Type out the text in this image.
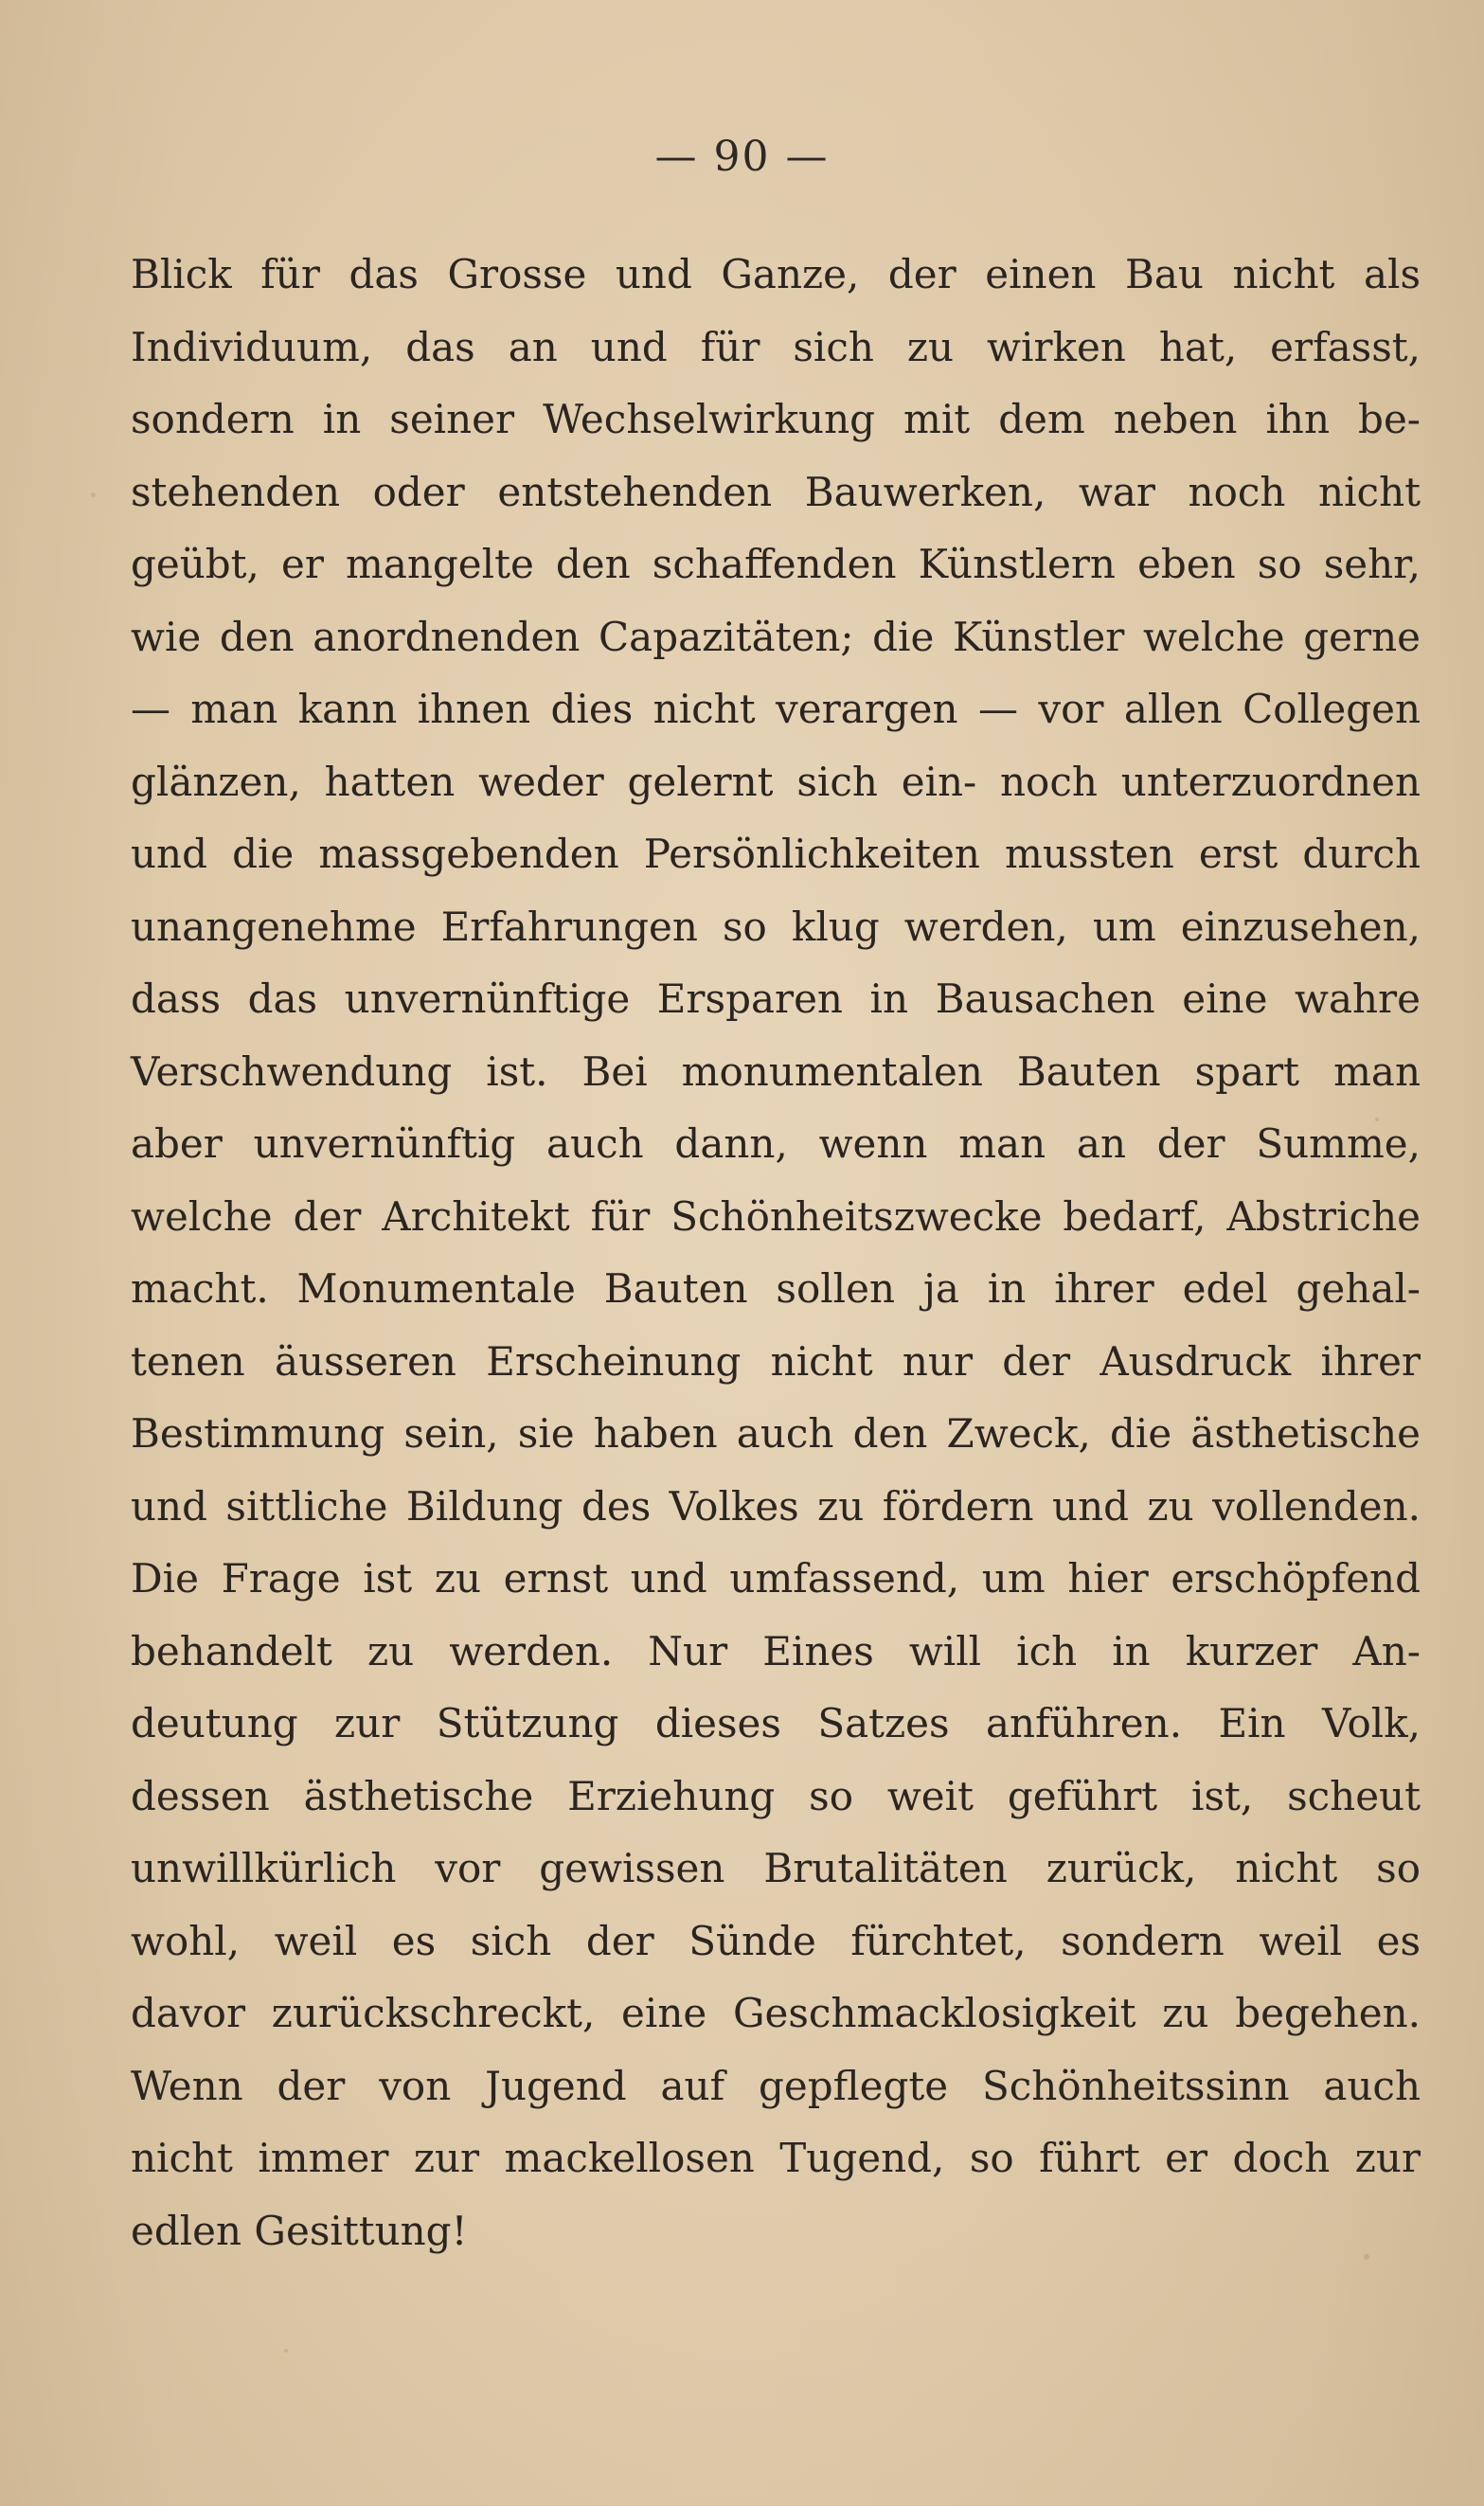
— 90 —
Blick für das Grosse und Ganze, der einen Bau nicht als
Individuum, das an und für sich zu wirken hat, erfasst,
sondern in seiner Wechselwirkung mit dem neben ihn be-
stehenden oder entstehenden Bauwerken, war noch nicht
geübt, er mangelte den schaffenden Künstlern eben so sehr,
wie den anordnenden Capazitäten; die Künstler welche gerne
— man kann ihnen dies nicht verargen — vor allen Collegen
glänzen, hatten weder gelernt sich ein- noch unterzuordnen
und die massgebenden Persönlichkeiten mussten erst durch
unangenehme Erfahrungen so klug werden, um einzusehen,
dass das unvernünftige Ersparen in Bausachen eine wahre
Verschwendung ist. Bei monumentalen Bauten spart man
aber unvernünftig auch dann, wenn man an der Summe,
welche der Architekt für Schönheitszwecke bedarf, Abstriche
macht. Monumentale Bauten sollen ja in ihrer edel gehal-
tenen äusseren Erscheinung nicht nur der Ausdruck ihrer
Bestimmung sein, sie haben auch den Zweck, die ästhetische
und sittliche Bildung des Volkes zu fördern und zu vollenden.
Die Frage ist zu ernst und umfassend, um hier erschöpfend
behandelt zu werden. Nur Eines will ich in kurzer An-
deutung zur Stützung dieses Satzes anführen. Ein Volk,
dessen ästhetische Erziehung so weit geführt ist, scheut
unwillkürlich vor gewissen Brutalitäten zurück, nicht so
wohl, weil es sich der Sünde fürchtet, sondern weil es
davor zurückschreckt, eine Geschmacklosigkeit zu begehen.
Wenn der von Jugend auf gepflegte Schönheitssinn auch
nicht immer zur mackellosen Tugend, so führt er doch zur
edlen Gesittung!
